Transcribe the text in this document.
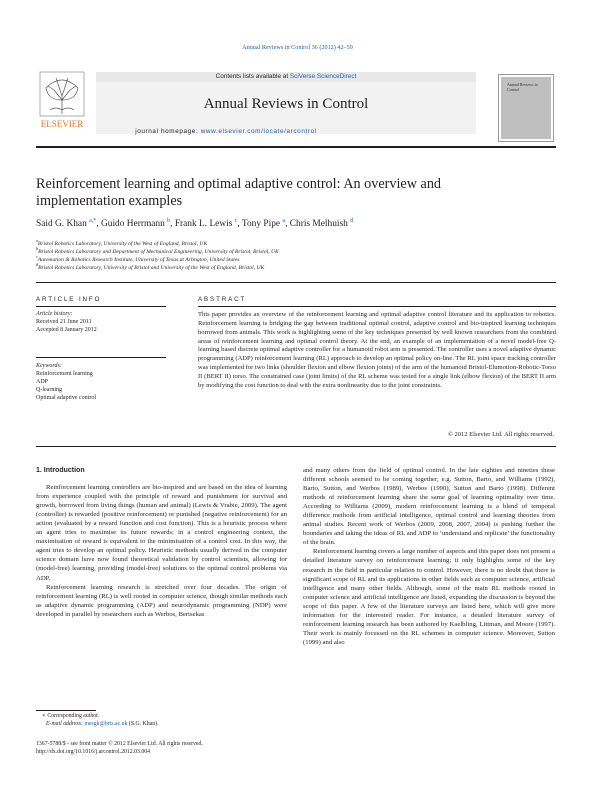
Annual Reviews in Control 36 (2012) 42–59
ELSEVIER
Contents lists available at SciVerse ScienceDirect
Annual Reviews in Control
journal homepage: www.elsevier.com/locate/arcontrol
Annual Reviews in Control
Reinforcement learning and optimal adaptive control: An overview and implementation examples
Said G. Khan $^{a,*}$, Guido Herrmann $^b$, Frank L. Lewis $^c$, Tony Pipe $^a$, Chris Melhuish $^d$
$^a$Bristol Robotics Laboratory, University of the West of England, Bristol, UK
$^b$Bristol Robotics Laboratory and Department of Mechanical Engineering, University of Bristol, Bristol, UK
$^c$Automation & Robotics Research Institute, University of Texas at Arlington, United States
$^d$Bristol Robotics Laboratory, University of Bristol and University of the West of England, Bristol, UK
ARTICLE INFO
Article history:
Received 21 June 2011
Accepted 8 January 2012
Keywords:
Reinforcement learning
ADP
Q-learning
Optimal adaptive control
ABSTRACT
This paper provides an overview of the reinforcement learning and optimal adaptive control literature and its application to robotics. Reinforcement learning is bridging the gap between traditional optimal control, adaptive control and bio-inspired learning techniques borrowed from animals. This work is highlighting some of the key techniques presented by well known researchers from the combined areas of reinforcement learning and optimal control theory. At the end, an example of an implementation of a novel model-free Q-learning based discrete optimal adaptive controller for a humanoid robot arm is presented. The controller uses a novel adaptive dynamic programming (ADP) reinforcement learning (RL) approach to develop an optimal policy on-line. The RL joint space tracking controller was implemented for two links (shoulder flexion and elbow flexion joints) of the arm of the humanoid Bristol-Elumotion-Robotic-Torso II (BERT II) torso. The constrained case (joint limits) of the RL scheme was tested for a single link (elbow flexion) of the BERT II arm by modifying the cost function to deal with the extra nonlinearity due to the joint constraints.
© 2012 Elsevier Ltd. All rights reserved.
1. Introduction

Reinforcement learning controllers are bio-inspired and are based on the idea of learning from experience coupled with the principle of reward and punishment for survival and growth, borrowed from living things (human and animal) (Lewis & Vrabie, 2009). The agent (controller) is rewarded (positive reinforcement) or punished (negative reinforcement) for an action (evaluated by a reward function and cost function). This is a heuristic process where an agent tries to maximise its future rewards; in a control engineering context, the maximisation of reward is equivalent to the minimisation of a control cost. In this way, the agent tries to develop an optimal policy. Heuristic methods usually derived in the computer science domain have now found theoretical validation by control scientists, allowing for (model-free) learning, providing (model-free) solutions to the optimal control problems via ADP.

Reinforcement learning research is stretched over four decades. The origin of reinforcement learning (RL) is well rooted in computer science, though similar methods such as adaptive dynamic programming (ADP) and neurodynamic programming (NDP) were developed in parallel by researchers such as Werbos, Bertsekas

and many others from the field of optimal control. In the late eighties and nineties these different schools seemed to be coming together, e.g. Sutton, Barto, and Williams (1992), Barto, Sutton, and Werbos (1989), Werbos (1990), Sutton and Barto (1998). Different methods of reinforcement learning share the same goal of learning optimality over time. According to Williams (2009), modern reinforcement learning is a blend of temporal difference methods from artificial intelligence, optimal control and learning theories from animal studies. Recent work of Werbos (2009, 2008, 2007, 2004) is pushing further the boundaries and taking the ideas of RL and ADP to ‘understand and replicate’ the functionality of the brain.

Reinforcement learning covers a large number of aspects and this paper does not present a detailed literature survey on reinforcement learning; it only highlights some of the key research in the field in particular relation to control. However, there is no doubt that there is significant scope of RL and its applications in other fields such as computer science, artificial intelligence and many other fields. Although, some of the main RL methods rooted in computer science and artificial intelligence are listed, expanding the discussion is beyond the scope of this paper. A few of the literature surveys are listed here, which will give more information for the interested reader. For instance, a detailed literature survey of reinforcement learning research has been authored by Kaelbling, Littman, and Moore (1997). Their work is mainly focussed on the RL schemes in computer science. Moreover, Sutton (1999) and also

∗ Corresponding author.
E-mail address: mesgk@bris.ac.uk (S.G. Khan).
1367-5788/$ - see front matter © 2012 Elsevier Ltd. All rights reserved.
http://dx.doi.org/10.1016/j.arcontrol.2012.03.004
